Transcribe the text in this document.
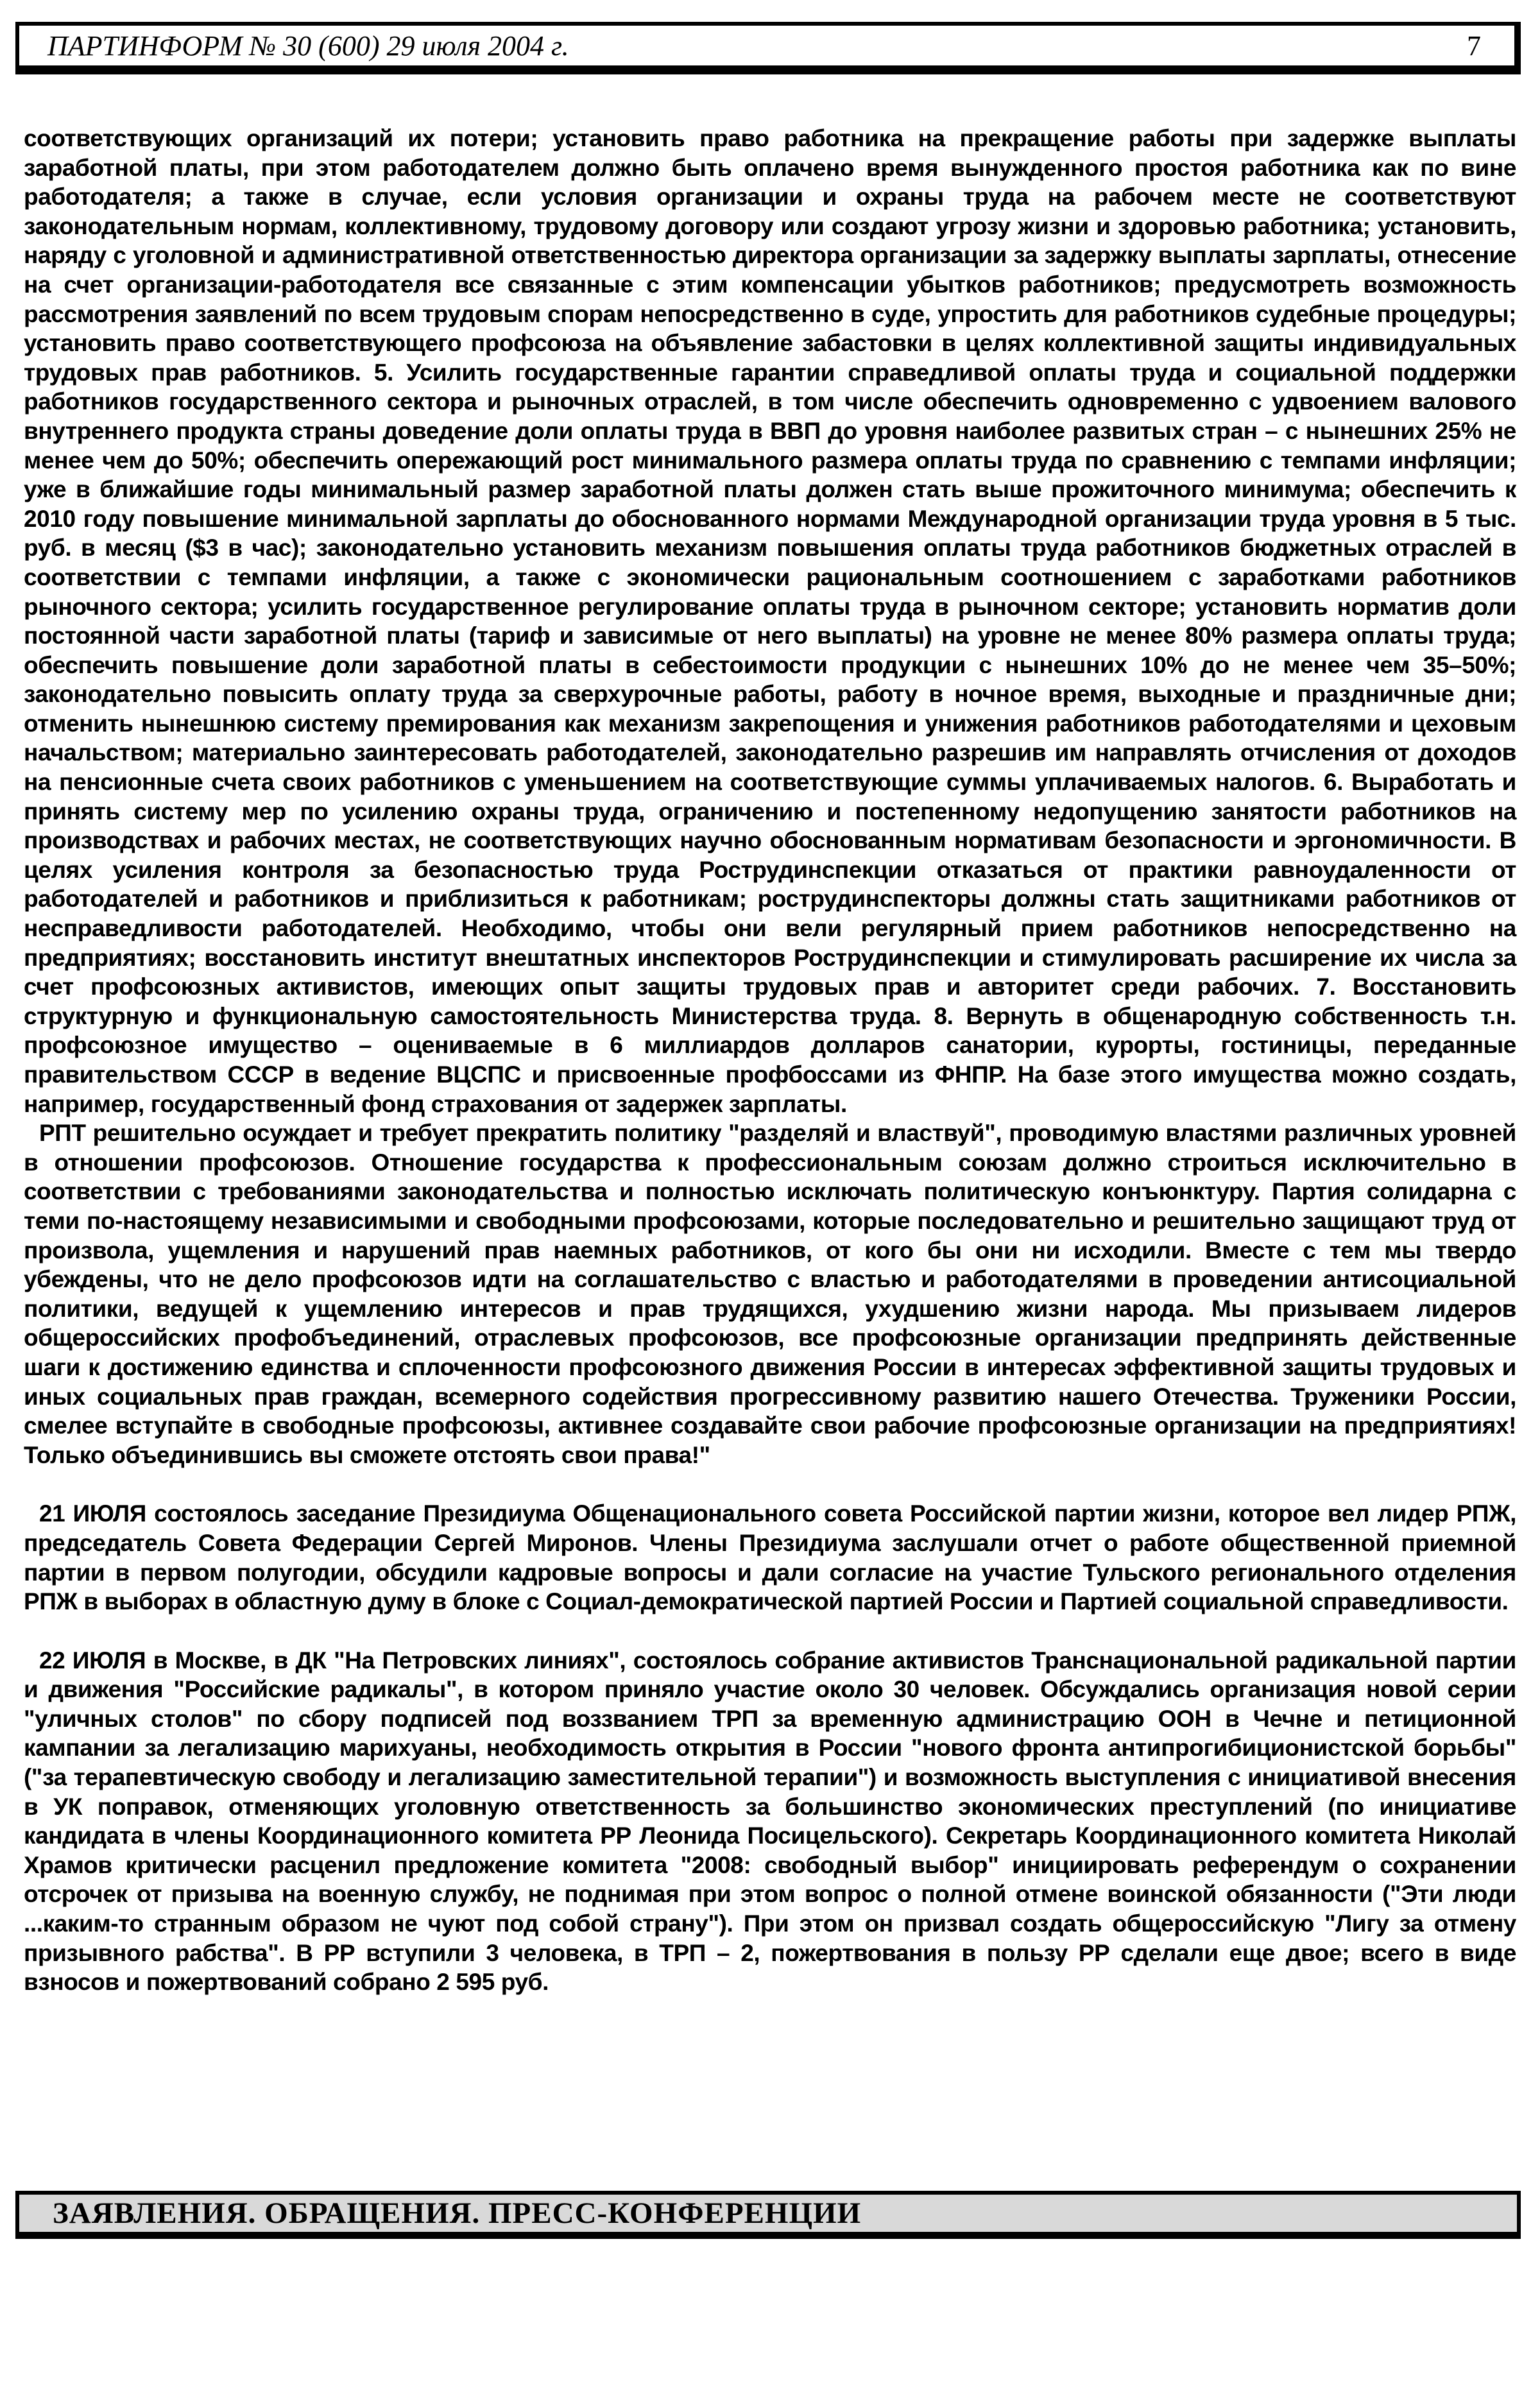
ПАРТИНФОРМ № 30 (600) 29 июля 2004 г.	7

соответствующих организаций их потери; установить право работника на прекращение работы при задержке выплаты заработной платы, при этом работодателем должно быть оплачено время вынужденного простоя работника как по вине работодателя; а также в случае, если условия организации и охраны труда на рабочем месте не соответствуют законодательным нормам, коллективному, трудовому договору или создают угрозу жизни и здоровью работника; установить, наряду с уголовной и административной ответственностью директора организации за задержку выплаты зарплаты, отнесение на счет организации-работодателя все связанные с этим компенсации убытков работников; предусмотреть возможность рассмотрения заявлений по всем трудовым спорам непосредственно в суде, упростить для работников судебные процедуры; установить право соответствующего профсоюза на объявление забастовки в целях коллективной защиты индивидуальных трудовых прав работников. 5. Усилить государственные гарантии справедливой оплаты труда и социальной поддержки работников государственного сектора и рыночных отраслей, в том числе обеспечить одновременно с удвоением валового внутреннего продукта страны доведение доли оплаты труда в ВВП до уровня наиболее развитых стран – с нынешних 25% не менее чем до 50%; обеспечить опережающий рост минимального размера оплаты труда по сравнению с темпами инфляции; уже в ближайшие годы минимальный размер заработной платы должен стать выше прожиточного минимума; обеспечить к 2010 году повышение минимальной зарплаты до обоснованного нормами Международной организации труда уровня в 5 тыс. руб. в месяц ($3 в час); законодательно установить механизм повышения оплаты труда работников бюджетных отраслей в соответствии с темпами инфляции, а также с экономически рациональным соотношением с заработками работников рыночного сектора; усилить государственное регулирование оплаты труда в рыночном секторе; установить норматив доли постоянной части заработной платы (тариф и зависимые от него выплаты) на уровне не менее 80% размера оплаты труда; обеспечить повышение доли заработной платы в себестоимости продукции с нынешних 10% до не менее чем 35–50%; законодательно повысить оплату труда за сверхурочные работы, работу в ночное время, выходные и праздничные дни; отменить нынешнюю систему премирования как механизм закрепощения и унижения работников работодателями и цеховым начальством; материально заинтересовать работодателей, законодательно разрешив им направлять отчисления от доходов на пенсионные счета своих работников с уменьшением на соответствующие суммы уплачиваемых налогов. 6. Выработать и принять систему мер по усилению охраны труда, ограничению и постепенному недопущению занятости работников на производствах и рабочих местах, не соответствующих научно обоснованным нормативам безопасности и эргономичности. В целях усиления контроля за безопасностью труда Рострудинспекции отказаться от практики равноудаленности от работодателей и работников и приблизиться к работникам; рострудинспекторы должны стать защитниками работников от несправедливости работодателей. Необходимо, чтобы они вели регулярный прием работников непосредственно на предприятиях; восстановить институт внештатных инспекторов Рострудинспекции и стимулировать расширение их числа за счет профсоюзных активистов, имеющих опыт защиты трудовых прав и авторитет среди рабочих. 7. Восстановить структурную и функциональную самостоятельность Министерства труда. 8. Вернуть в общенародную собственность т.н. профсоюзное имущество – оцениваемые в 6 миллиардов долларов санатории, курорты, гостиницы, переданные правительством СССР в ведение ВЦСПС и присвоенные профбоссами из ФНПР. На базе этого имущества можно создать, например, государственный фонд страхования от задержек зарплаты.

РПТ решительно осуждает и требует прекратить политику "разделяй и властвуй", проводимую властями различных уровней в отношении профсоюзов. Отношение государства к профессиональным союзам должно строиться исключительно в соответствии с требованиями законодательства и полностью исключать политическую конъюнктуру. Партия солидарна с теми по-настоящему независимыми и свободными профсоюзами, которые последовательно и решительно защищают труд от произвола, ущемления и нарушений прав наемных работников, от кого бы они ни исходили. Вместе с тем мы твердо убеждены, что не дело профсоюзов идти на соглашательство с властью и работодателями в проведении антисоциальной политики, ведущей к ущемлению интересов и прав трудящихся, ухудшению жизни народа. Мы призываем лидеров общероссийских профобъединений, отраслевых профсоюзов, все профсоюзные организации предпринять действенные шаги к достижению единства и сплоченности профсоюзного движения России в интересах эффективной защиты трудовых и иных социальных прав граждан, всемерного содействия прогрессивному развитию нашего Отечества. Труженики России, смелее вступайте в свободные профсоюзы, активнее создавайте свои рабочие профсоюзные организации на предприятиях! Только объединившись вы сможете отстоять свои права!"

21 ИЮЛЯ состоялось заседание Президиума Общенационального совета Российской партии жизни, которое вел лидер РПЖ, председатель Совета Федерации Сергей Миронов. Члены Президиума заслушали отчет о работе общественной приемной партии в первом полугодии, обсудили кадровые вопросы и дали согласие на участие Тульского регионального отделения РПЖ в выборах в областную думу в блоке с Социал-демократической партией России и Партией социальной справедливости.

22 ИЮЛЯ в Москве, в ДК "На Петровских линиях", состоялось собрание активистов Транснациональной радикальной партии и движения "Российские радикалы", в котором приняло участие около 30 человек. Обсуждались организация новой серии "уличных столов" по сбору подписей под воззванием ТРП за временную администрацию ООН в Чечне и петиционной кампании за легализацию марихуаны, необходимость открытия в России "нового фронта антипрогибиционистской борьбы" ("за терапевтическую свободу и легализацию заместительной терапии") и возможность выступления с инициативой внесения в УК поправок, отменяющих уголовную ответственность за большинство экономических преступлений (по инициативе кандидата в члены Координационного комитета РР Леонида Посицельского). Секретарь Координационного комитета Николай Храмов критически расценил предложение комитета "2008: свободный выбор" инициировать референдум о сохранении отсрочек от призыва на военную службу, не поднимая при этом вопрос о полной отмене воинской обязанности ("Эти люди ...каким-то странным образом не чуют под собой страну"). При этом он призвал создать общероссийскую "Лигу за отмену призывного рабства". В РР вступили 3 человека, в ТРП – 2, пожертвования в пользу РР сделали еще двое; всего в виде взносов и пожертвований собрано 2 595 руб.

ЗАЯВЛЕНИЯ. ОБРАЩЕНИЯ. ПРЕСС-КОНФЕРЕНЦИИ
